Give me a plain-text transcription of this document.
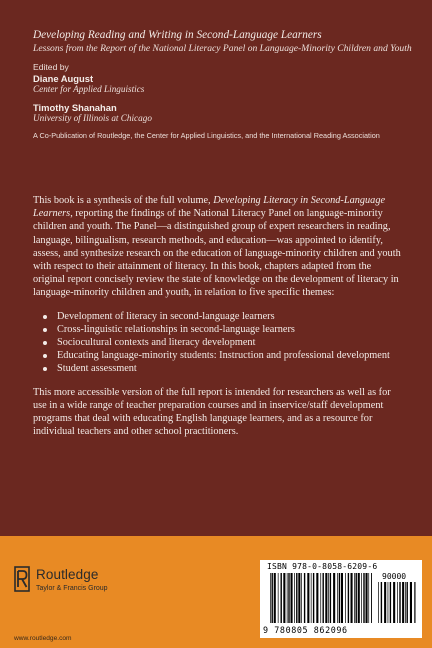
Developing Reading and Writing in Second-Language Learners
Lessons from the Report of the National Literacy Panel on Language-Minority Children and Youth
Edited by
Diane August
Center for Applied Linguistics
Timothy Shanahan
University of Illinois at Chicago
A Co-Publication of Routledge, the Center for Applied Linguistics, and the International Reading Association

This book is a synthesis of the full volume, Developing Literacy in Second-Language Learners, reporting the findings of the National Literacy Panel on language-minority children and youth. The Panel—a distinguished group of expert researchers in reading, language, bilingualism, research methods, and education—was appointed to identify, assess, and synthesize research on the education of language-minority children and youth with respect to their attainment of literacy. In this book, chapters adapted from the original report concisely review the state of knowledge on the development of literacy in language-minority children and youth, in relation to five specific themes:

Development of literacy in second-language learners
Cross-linguistic relationships in second-language learners
Sociocultural contexts and literacy development
Educating language-minority students: Instruction and professional development
Student assessment

This more accessible version of the full report is intended for researchers as well as for use in a wide range of teacher preparation courses and in inservice/staff development programs that deal with educating English language learners, and as a resource for individual teachers and other school practitioners.

Routledge
Taylor & Francis Group
www.routledge.com
ISBN 978-0-8058-6209-6
90000
9 780805 862096
